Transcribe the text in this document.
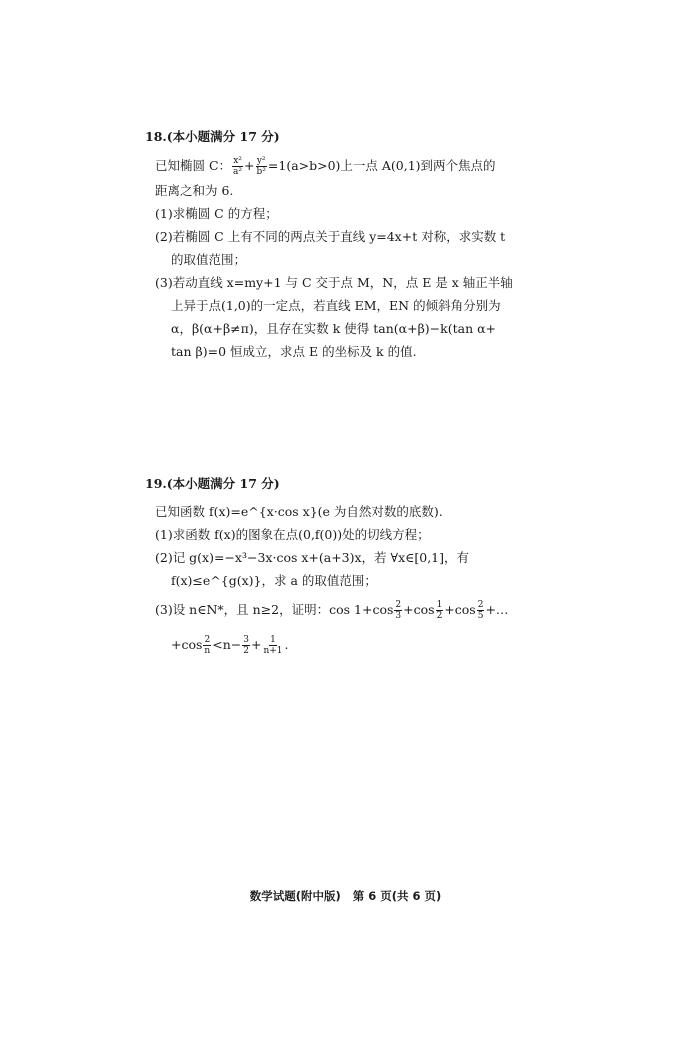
18.(本小题满分 17 分)
已知椭圆 C： $\frac{\text{x²}}{\text{a²}} + \frac{\text{y²}}{\text{b²}} =1(a>b>0)$上一点 A(0,1)到两个焦点的
距离之和为 6.
(1)求椭圆 C 的方程；
(2)若椭圆 C 上有不同的两点关于直线 y=4x+t 对称，求实数 t
的取值范围；
(3)若动直线 x=my+1 与 C 交于点 M，N，点 E 是 x 轴正半轴
上异于点(1,0)的一定点，若直线 EM，EN 的倾斜角分别为
α，β(α+β≠π)，且存在实数 k 使得 tan(α+β)−k(tan α+
tan β)=0 恒成立，求点 E 的坐标及 k 的值.
19.(本小题满分 17 分)
已知函数 f(x)=e^{x·cos x}(e 为自然对数的底数).
(1)求函数 f(x)的图象在点(0,f(0))处的切线方程；
(2)记 g(x)=−x³−3x·cos x+(a+3)x，若 ∀x∈[0,1]，有
f(x)≤e^{g(x)}，求 a 的取值范围；
(3)设 n∈N*，且 n≥2，证明：$\cos 1+\cos \frac{2}{3} +\cos \frac{1}{2} +\cos \frac{2}{5}$ +…
$+\cos \frac{2}{n} <n- \frac{3}{2} + \frac{1}{n+1}$ .
数学试题(附中版) 第 6 页(共 6 页)
